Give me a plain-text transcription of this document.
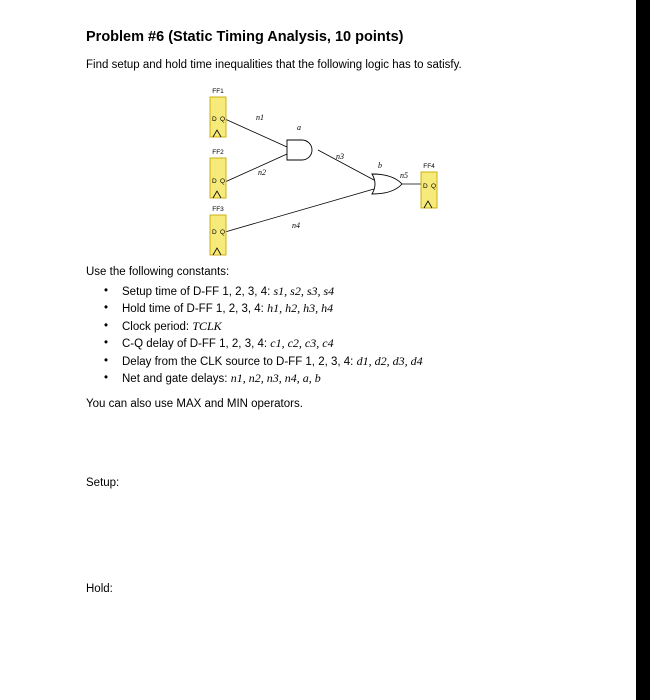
Problem #6 (Static Timing Analysis, 10 points)

Find setup and hold time inequalities that the following logic has to satisfy.

FF1
D Q
FF2
D Q
FF3
D Q
FF4
D Q
n1
a
n2
n3
b
n5
n4

Use the following constants:

• Setup time of D-FF 1, 2, 3, 4: s1, s2, s3, s4
• Hold time of D-FF 1, 2, 3, 4: h1, h2, h3, h4
• Clock period: TCLK
• C-Q delay of D-FF 1, 2, 3, 4: c1, c2, c3, c4
• Delay from the CLK source to D-FF 1, 2, 3, 4: d1, d2, d3, d4
• Net and gate delays: n1, n2, n3, n4, a, b

You can also use MAX and MIN operators.

Setup:

Hold:
